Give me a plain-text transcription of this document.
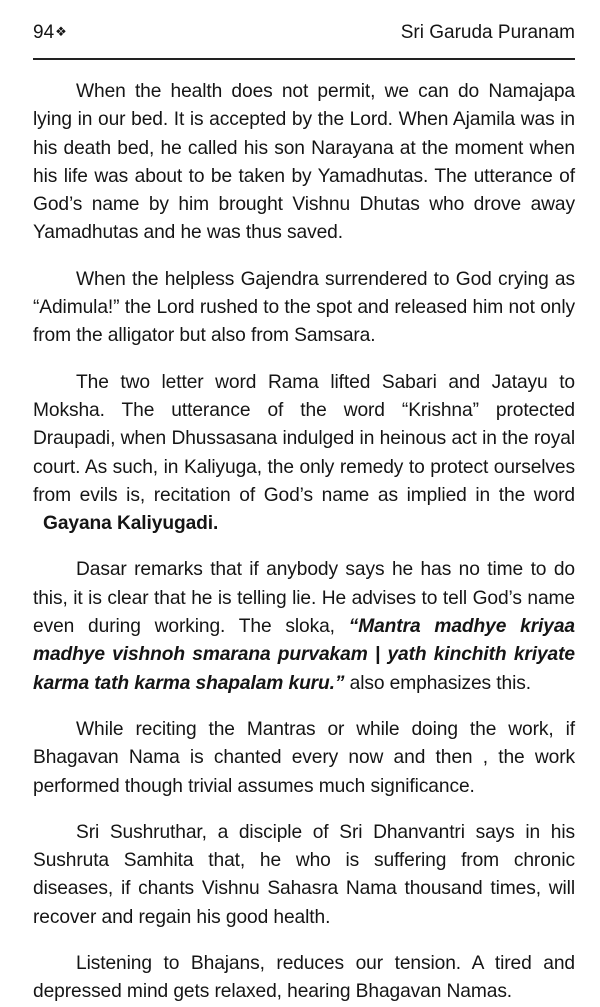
94❖	Sri Garuda Puranam

When the health does not permit, we can do Namajapa lying in our bed. It is accepted by the Lord. When Ajamila was in his death bed, he called his son Narayana at the moment when his life was about to be taken by Yamadhutas. The utterance of God’s name by him brought Vishnu Dhutas who drove away Yamadhutas and he was thus saved.

When the helpless Gajendra surrendered to God crying as “Adimula!” the Lord rushed to the spot and released him not only from the alligator but also from Samsara.

The two letter word Rama lifted Sabari and Jatayu to Moksha. The utterance of the word “Krishna” protected Draupadi, when Dhussasana indulged in heinous act in the royal court. As such, in Kaliyuga, the only remedy to protect ourselves from evils is, recitation of God’s name as implied in the word Gayana Kaliyugadi.

Dasar remarks that if anybody says he has no time to do this, it is clear that he is telling lie. He advises to tell God’s name even during working. The sloka, “Mantra madhye kriyaa madhye vishnoh smarana purvakam | yath kinchith kriyate karma tath karma shapalam kuru.” also emphasizes this.

While reciting the Mantras or while doing the work, if Bhagavan Nama is chanted every now and then , the work performed though trivial assumes much significance.

Sri Sushruthar, a disciple of Sri Dhanvantri says in his Sushruta Samhita that, he who is suffering from chronic diseases, if chants Vishnu Sahasra Nama thousand times, will recover and regain his good health.

Listening to Bhajans, reduces our tension. A tired and depressed mind gets relaxed, hearing Bhagavan Namas.
